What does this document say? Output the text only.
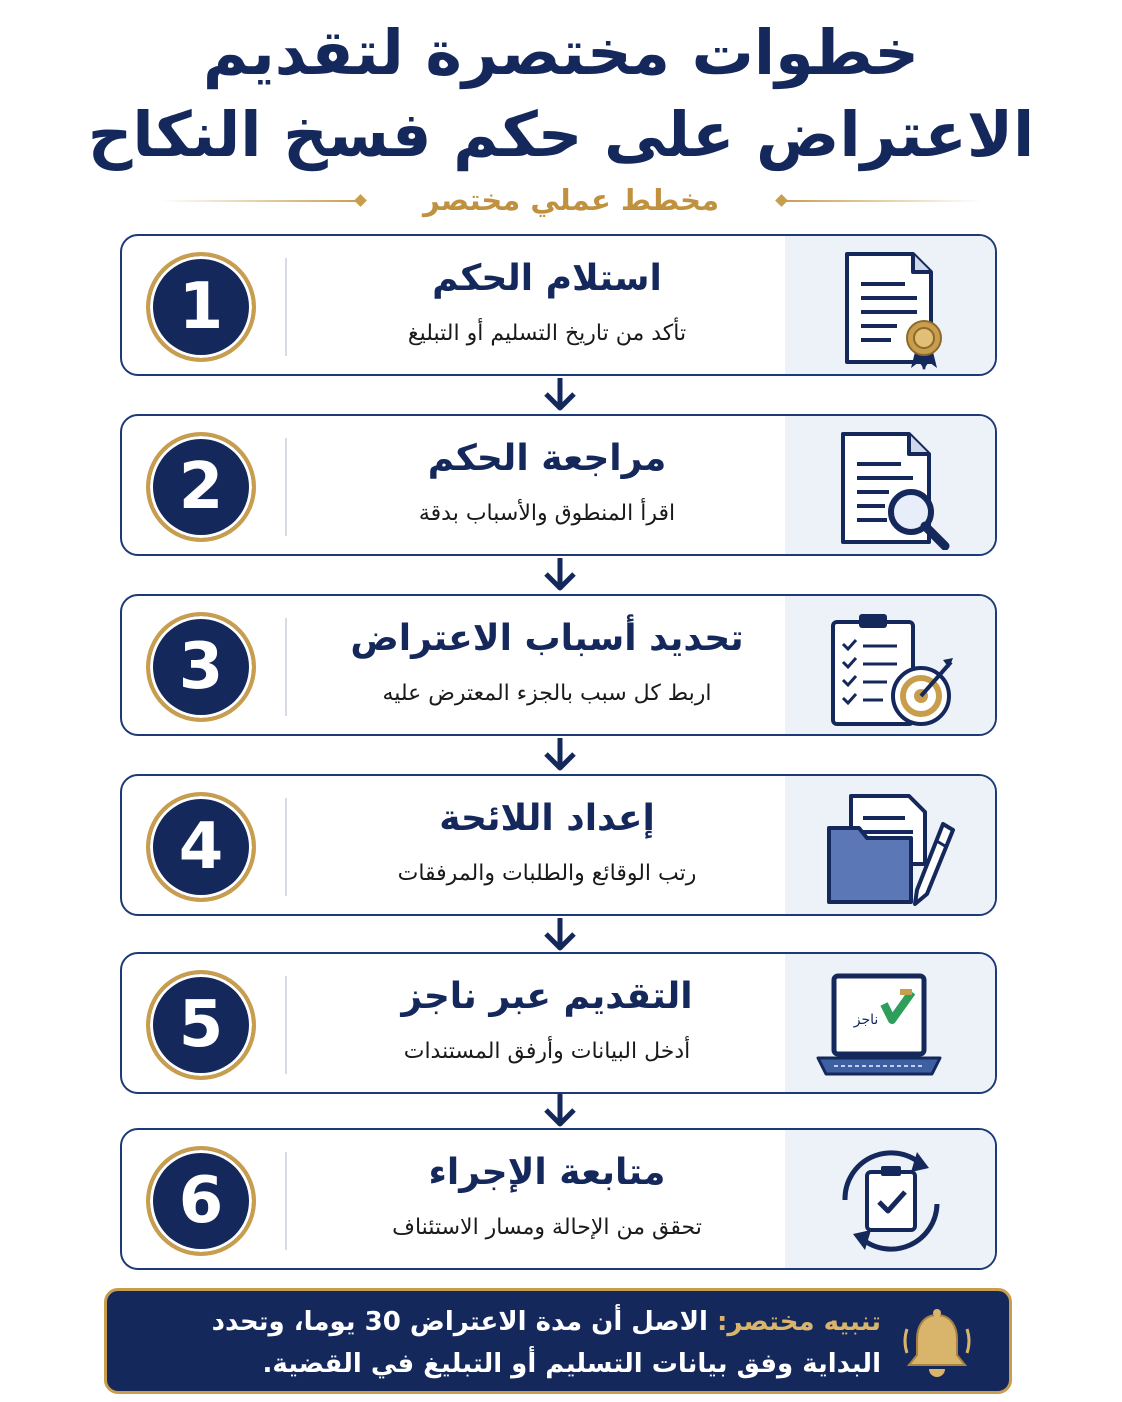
خطوات مختصرة لتقديم
الاعتراض على حكم فسخ النكاح
مخطط عملي مختصر
1	استلام الحكم
تأكد من تاريخ التسليم أو التبليغ
2	مراجعة الحكم
اقرأ المنطوق والأسباب بدقة
3	تحديد أسباب الاعتراض
اربط كل سبب بالجزء المعترض عليه
4	إعداد اللائحة
رتب الوقائع والطلبات والمرفقات
5	التقديم عبر ناجز
أدخل البيانات وأرفق المستندات
ناجز
6	متابعة الإجراء
تحقق من الإحالة ومسار الاستئناف
تنبيه مختصر: الاصل أن مدة الاعتراض 30 يوما، وتحدد البداية وفق بيانات التسليم أو التبليغ في القضية.
